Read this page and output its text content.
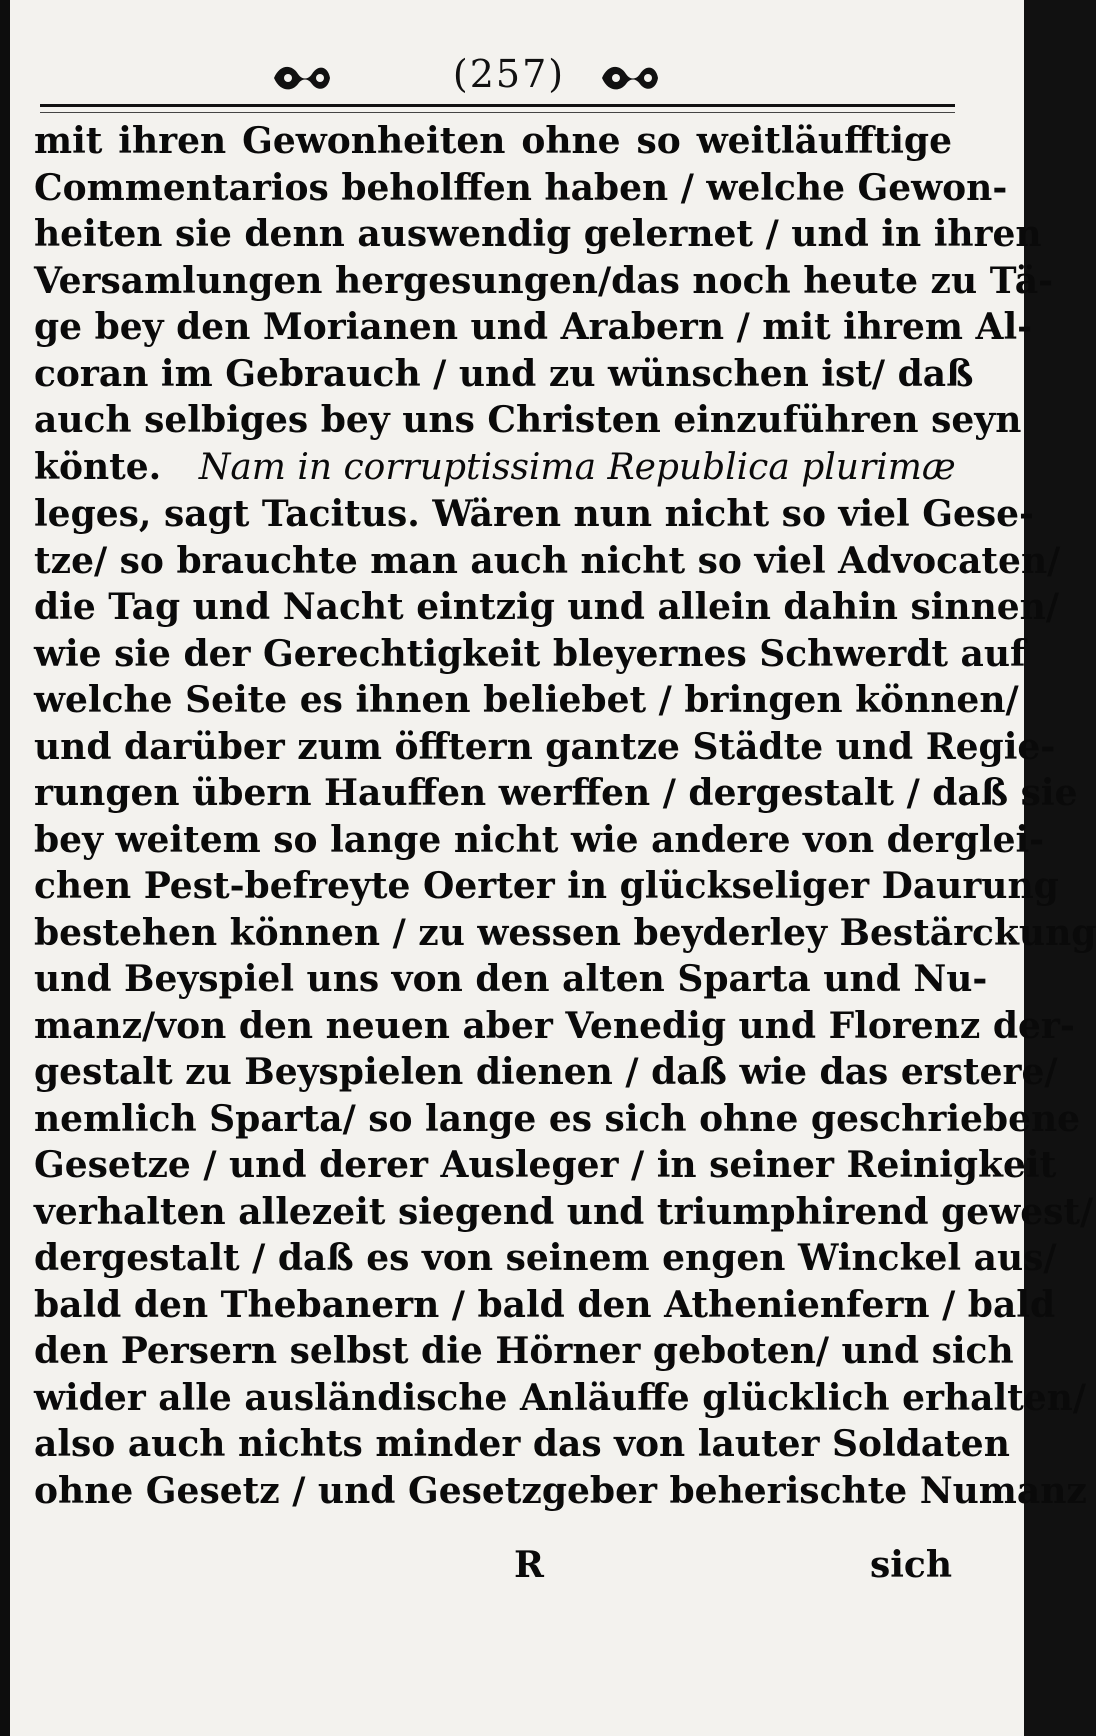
(257)
mit ihren Gewonheiten ohne so weitläufftige
Commentarios beholffen haben / welche Gewon-
heiten sie denn auswendig gelernet / und in ihren
Versamlungen hergesungen/das noch heute zu Tä-
ge bey den Morianen und Arabern / mit ihrem Al-
coran im Gebrauch / und zu wünschen ist/ daß
auch selbiges bey uns Christen einzuführen seyn
könte. Nam in corruptissima Republica plurimæ
leges, sagt Tacitus. Wären nun nicht so viel Gese-
tze/ so brauchte man auch nicht so viel Advocaten/
die Tag und Nacht eintzig und allein dahin sinnen/
wie sie der Gerechtigkeit bleyernes Schwerdt auf
welche Seite es ihnen beliebet / bringen können/
und darüber zum öfftern gantze Städte und Regie-
rungen übern Hauffen werffen / dergestalt / daß sie
bey weitem so lange nicht wie andere von derglei-
chen Pest-befreyte Oerter in glückseliger Daurung
bestehen können / zu wessen beyderley Bestärckung
und Beyspiel uns von den alten Sparta und Nu-
manz/von den neuen aber Venedig und Florenz der-
gestalt zu Beyspielen dienen / daß wie das erstere/
nemlich Sparta/ so lange es sich ohne geschriebene
Gesetze / und derer Ausleger / in seiner Reinigkeit
verhalten allezeit siegend und triumphirend gewest/
dergestalt / daß es von seinem engen Winckel aus/
bald den Thebanern / bald den Athenienfern / bald
den Persern selbst die Hörner geboten/ und sich
wider alle ausländische Anläuffe glücklich erhalten/
also auch nichts minder das von lauter Soldaten
ohne Gesetz / und Gesetzgeber beherischte Numanz
R	sich
